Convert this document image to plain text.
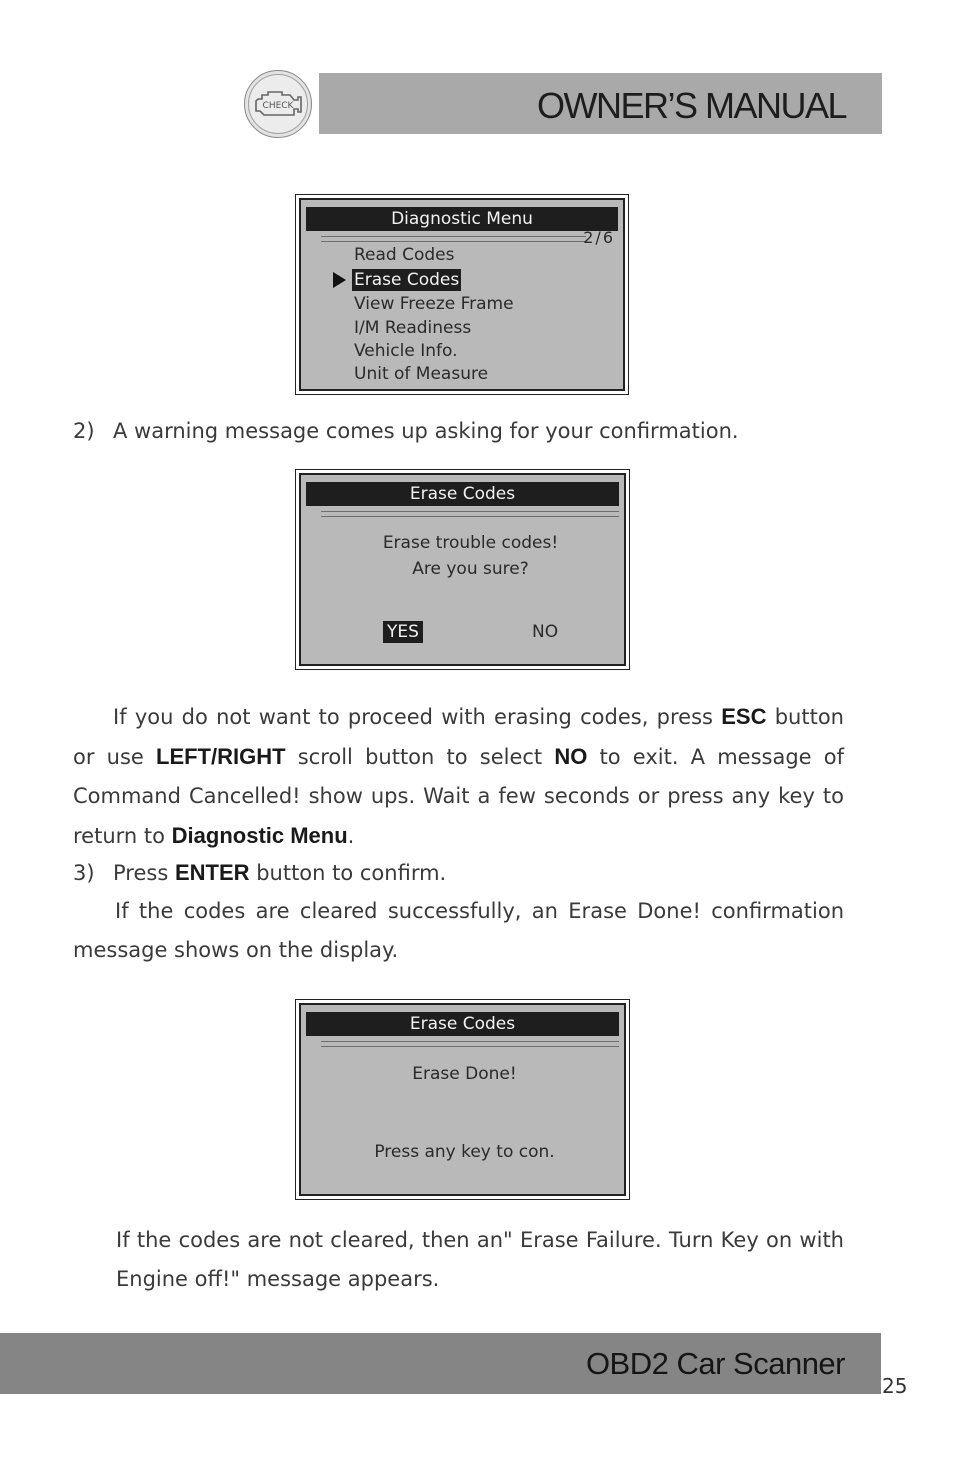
CHECK	OWNER’S MANUAL
Diagnostic Menu
2/6
Read Codes
Erase Codes
View Freeze Frame
I/M Readiness
Vehicle Info.
Unit of Measure
2) A warning message comes up asking for your confirmation.
Erase Codes
Erase trouble codes!
Are you sure?
YES	NO
If you do not want to proceed with erasing codes, press ESC button or use LEFT/RIGHT scroll button to select NO to exit. A message of Command Cancelled! show ups. Wait a few seconds or press any key to return to Diagnostic Menu.
3) Press ENTER button to confirm.
If the codes are cleared successfully, an Erase Done! confirmation message shows on the display.
Erase Codes
Erase Done!
Press any key to con.
If the codes are not cleared, then an" Erase Failure. Turn Key on with Engine off!" message appears.
OBD2 Car Scanner
25
